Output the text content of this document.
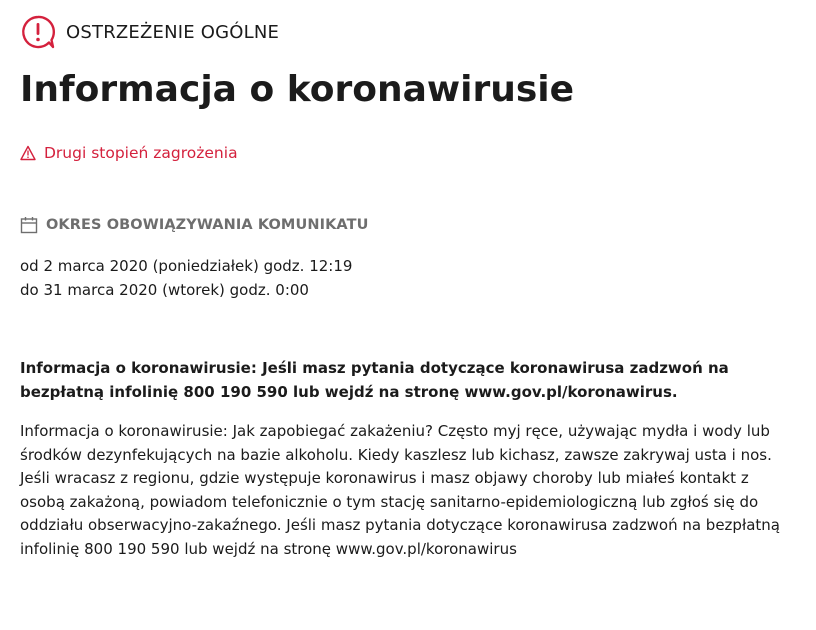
OSTRZEŻENIE OGÓLNE
Informacja o koronawirusie
Drugi stopień zagrożenia
OKRES OBOWIĄZYWANIA KOMUNIKATU
od 2 marca 2020 (poniedziałek) godz. 12:19
do 31 marca 2020 (wtorek) godz. 0:00

Informacja o koronawirusie: Jeśli masz pytania dotyczące koronawirusa zadzwoń na bezpłatną infolinię 800 190 590 lub wejdź na stronę www.gov.pl/koronawirus.

Informacja o koronawirusie: Jak zapobiegać zakażeniu? Często myj ręce, używając mydła i wody lub środków dezynfekujących na bazie alkoholu. Kiedy kaszlesz lub kichasz, zawsze zakrywaj usta i nos. Jeśli wracasz z regionu, gdzie występuje koronawirus i masz objawy choroby lub miałeś kontakt z osobą zakażoną, powiadom telefonicznie o tym stację sanitarno-epidemiologiczną lub zgłoś się do oddziału obserwacyjno-zakaźnego. Jeśli masz pytania dotyczące koronawirusa zadzwoń na bezpłatną infolinię 800 190 590 lub wejdź na stronę www.gov.pl/koronawirus
